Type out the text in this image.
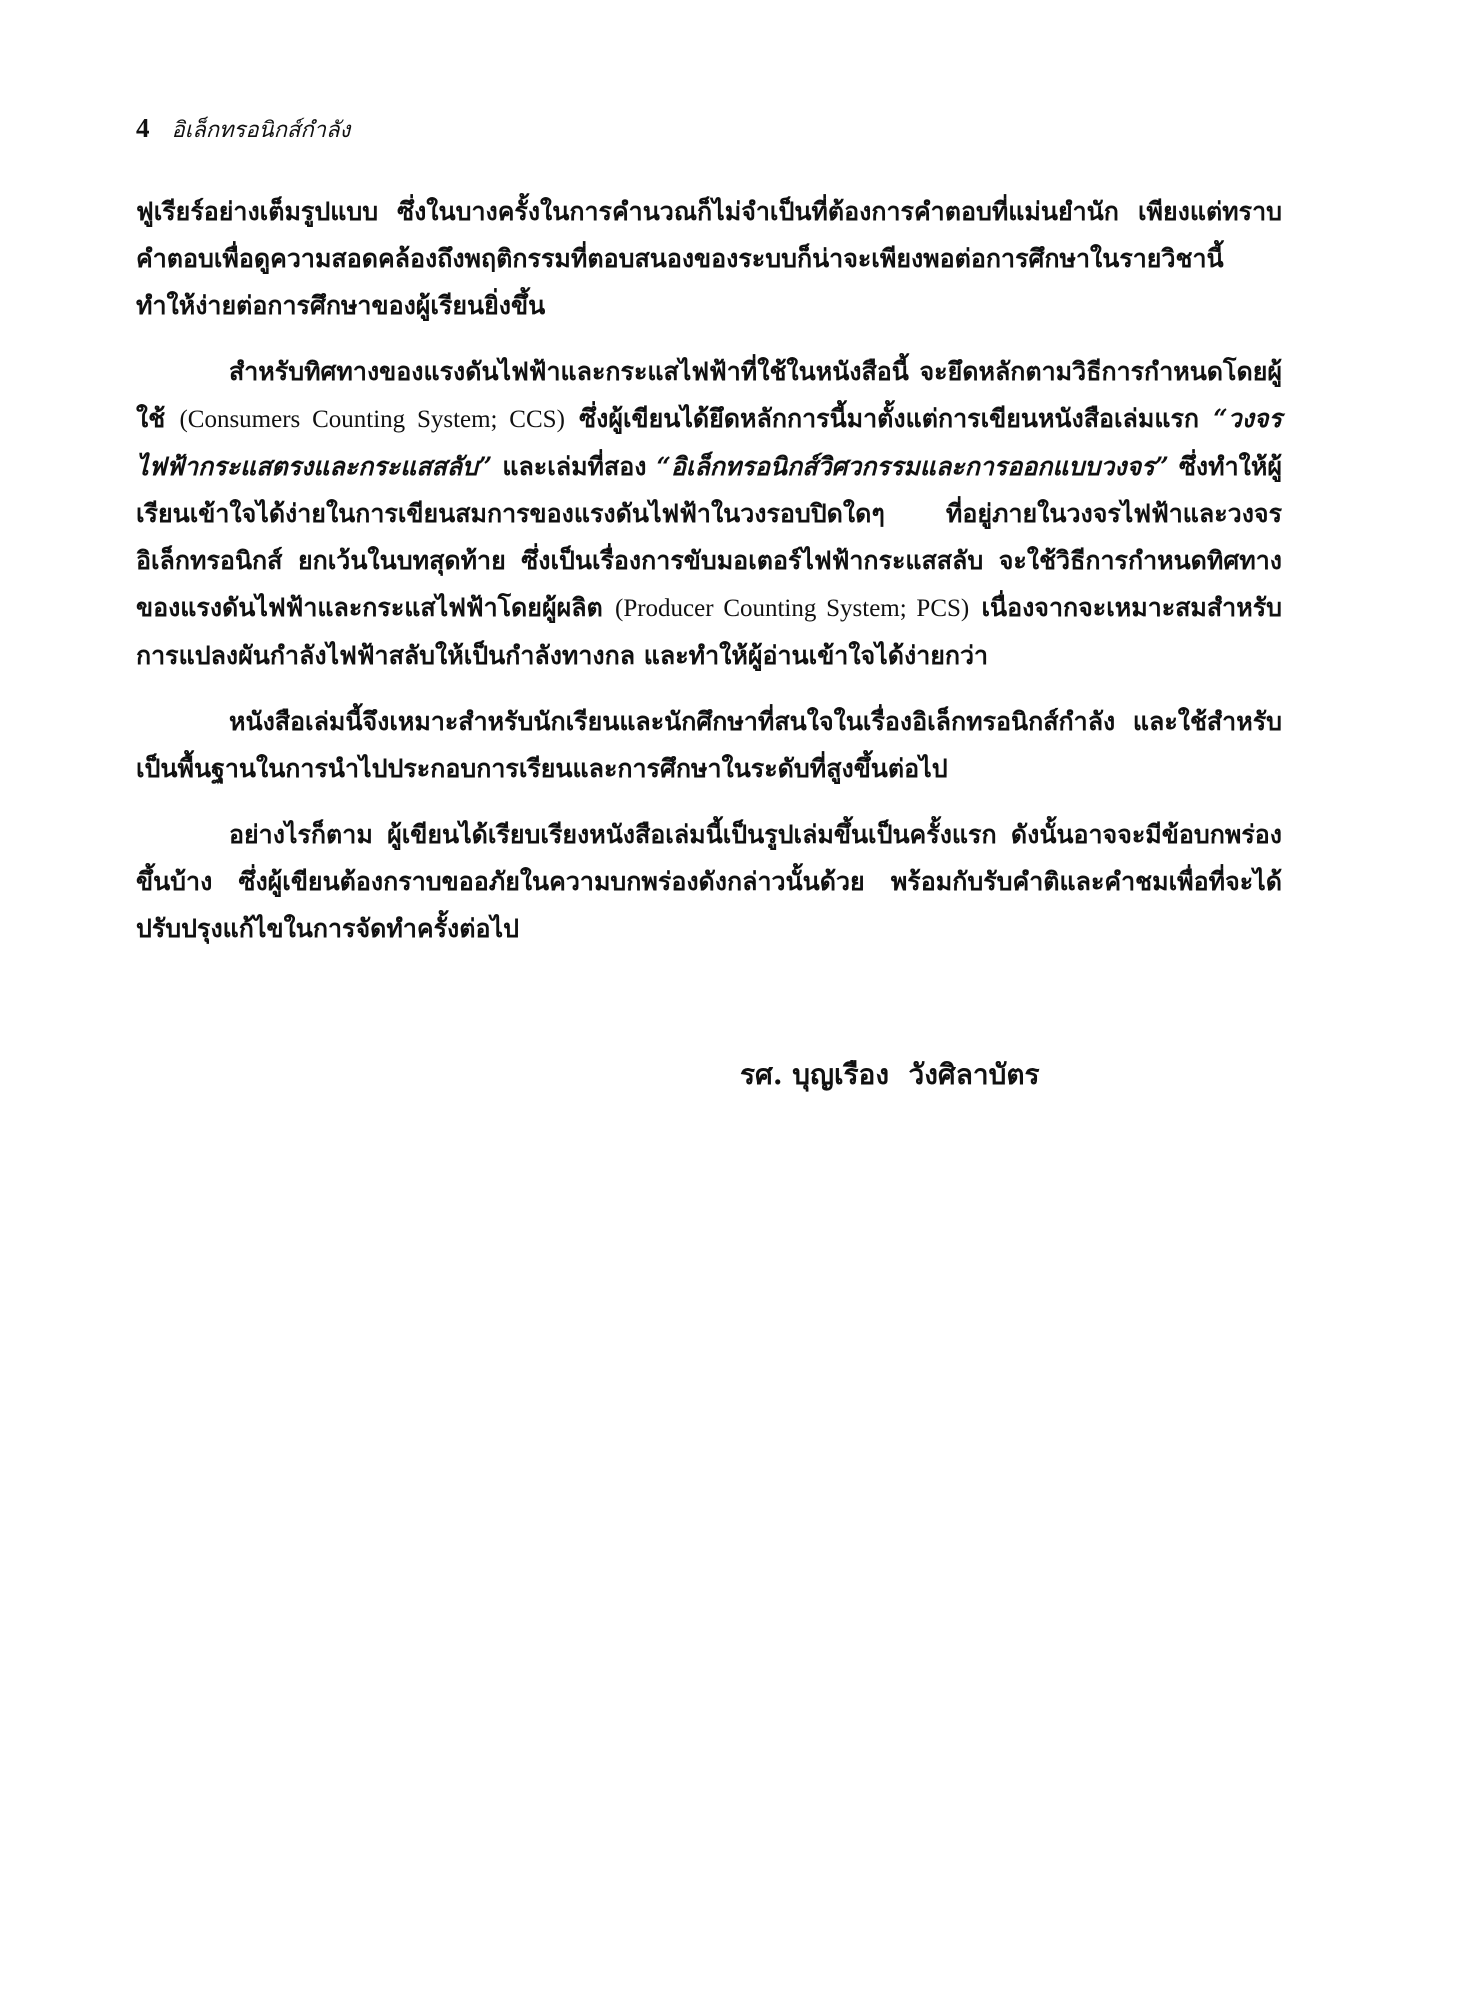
4 อิเล็กทรอนิกส์กำลัง

ฟูเรียร์อย่างเต็มรูปแบบ ซึ่งในบางครั้งในการคำนวณก็ไม่จำเป็นที่ต้องการคำตอบที่แม่นยำนัก เพียงแต่ทราบคำตอบเพื่อดูความสอดคล้องถึงพฤติกรรมที่ตอบสนองของระบบก็น่าจะเพียงพอต่อการศึกษาในรายวิชานี้ ทำให้ง่ายต่อการศึกษาของผู้เรียนยิ่งขึ้น

สำหรับทิศทางของแรงดันไฟฟ้าและกระแสไฟฟ้าที่ใช้ในหนังสือนี้ จะยึดหลักตามวิธีการกำหนดโดยผู้ใช้ (Consumers Counting System; CCS) ซึ่งผู้เขียนได้ยึดหลักการนี้มาตั้งแต่การเขียนหนังสือเล่มแรก “วงจรไฟฟ้ากระแสตรงและกระแสสลับ” และเล่มที่สอง “อิเล็กทรอนิกส์วิศวกรรมและการออกแบบวงจร” ซึ่งทำให้ผู้เรียนเข้าใจได้ง่ายในการเขียนสมการของแรงดันไฟฟ้าในวงรอบปิดใดๆ ที่อยู่ภายในวงจรไฟฟ้าและวงจรอิเล็กทรอนิกส์ ยกเว้นในบทสุดท้าย ซึ่งเป็นเรื่องการขับมอเตอร์ไฟฟ้ากระแสสลับ จะใช้วิธีการกำหนดทิศทางของแรงดันไฟฟ้าและกระแสไฟฟ้าโดยผู้ผลิต (Producer Counting System; PCS) เนื่องจากจะเหมาะสมสำหรับการแปลงผันกำลังไฟฟ้าสลับให้เป็นกำลังทางกล และทำให้ผู้อ่านเข้าใจได้ง่ายกว่า

หนังสือเล่มนี้จึงเหมาะสำหรับนักเรียนและนักศึกษาที่สนใจในเรื่องอิเล็กทรอนิกส์กำลัง และใช้สำหรับเป็นพื้นฐานในการนำไปประกอบการเรียนและการศึกษาในระดับที่สูงขึ้นต่อไป

อย่างไรก็ตาม ผู้เขียนได้เรียบเรียงหนังสือเล่มนี้เป็นรูปเล่มขึ้นเป็นครั้งแรก ดังนั้นอาจจะมีข้อบกพร่องขึ้นบ้าง ซึ่งผู้เขียนต้องกราบขออภัยในความบกพร่องดังกล่าวนั้นด้วย พร้อมกับรับคำติและคำชมเพื่อที่จะได้ปรับปรุงแก้ไขในการจัดทำครั้งต่อไป

รศ. บุญเรือง  วังศิลาบัตร
